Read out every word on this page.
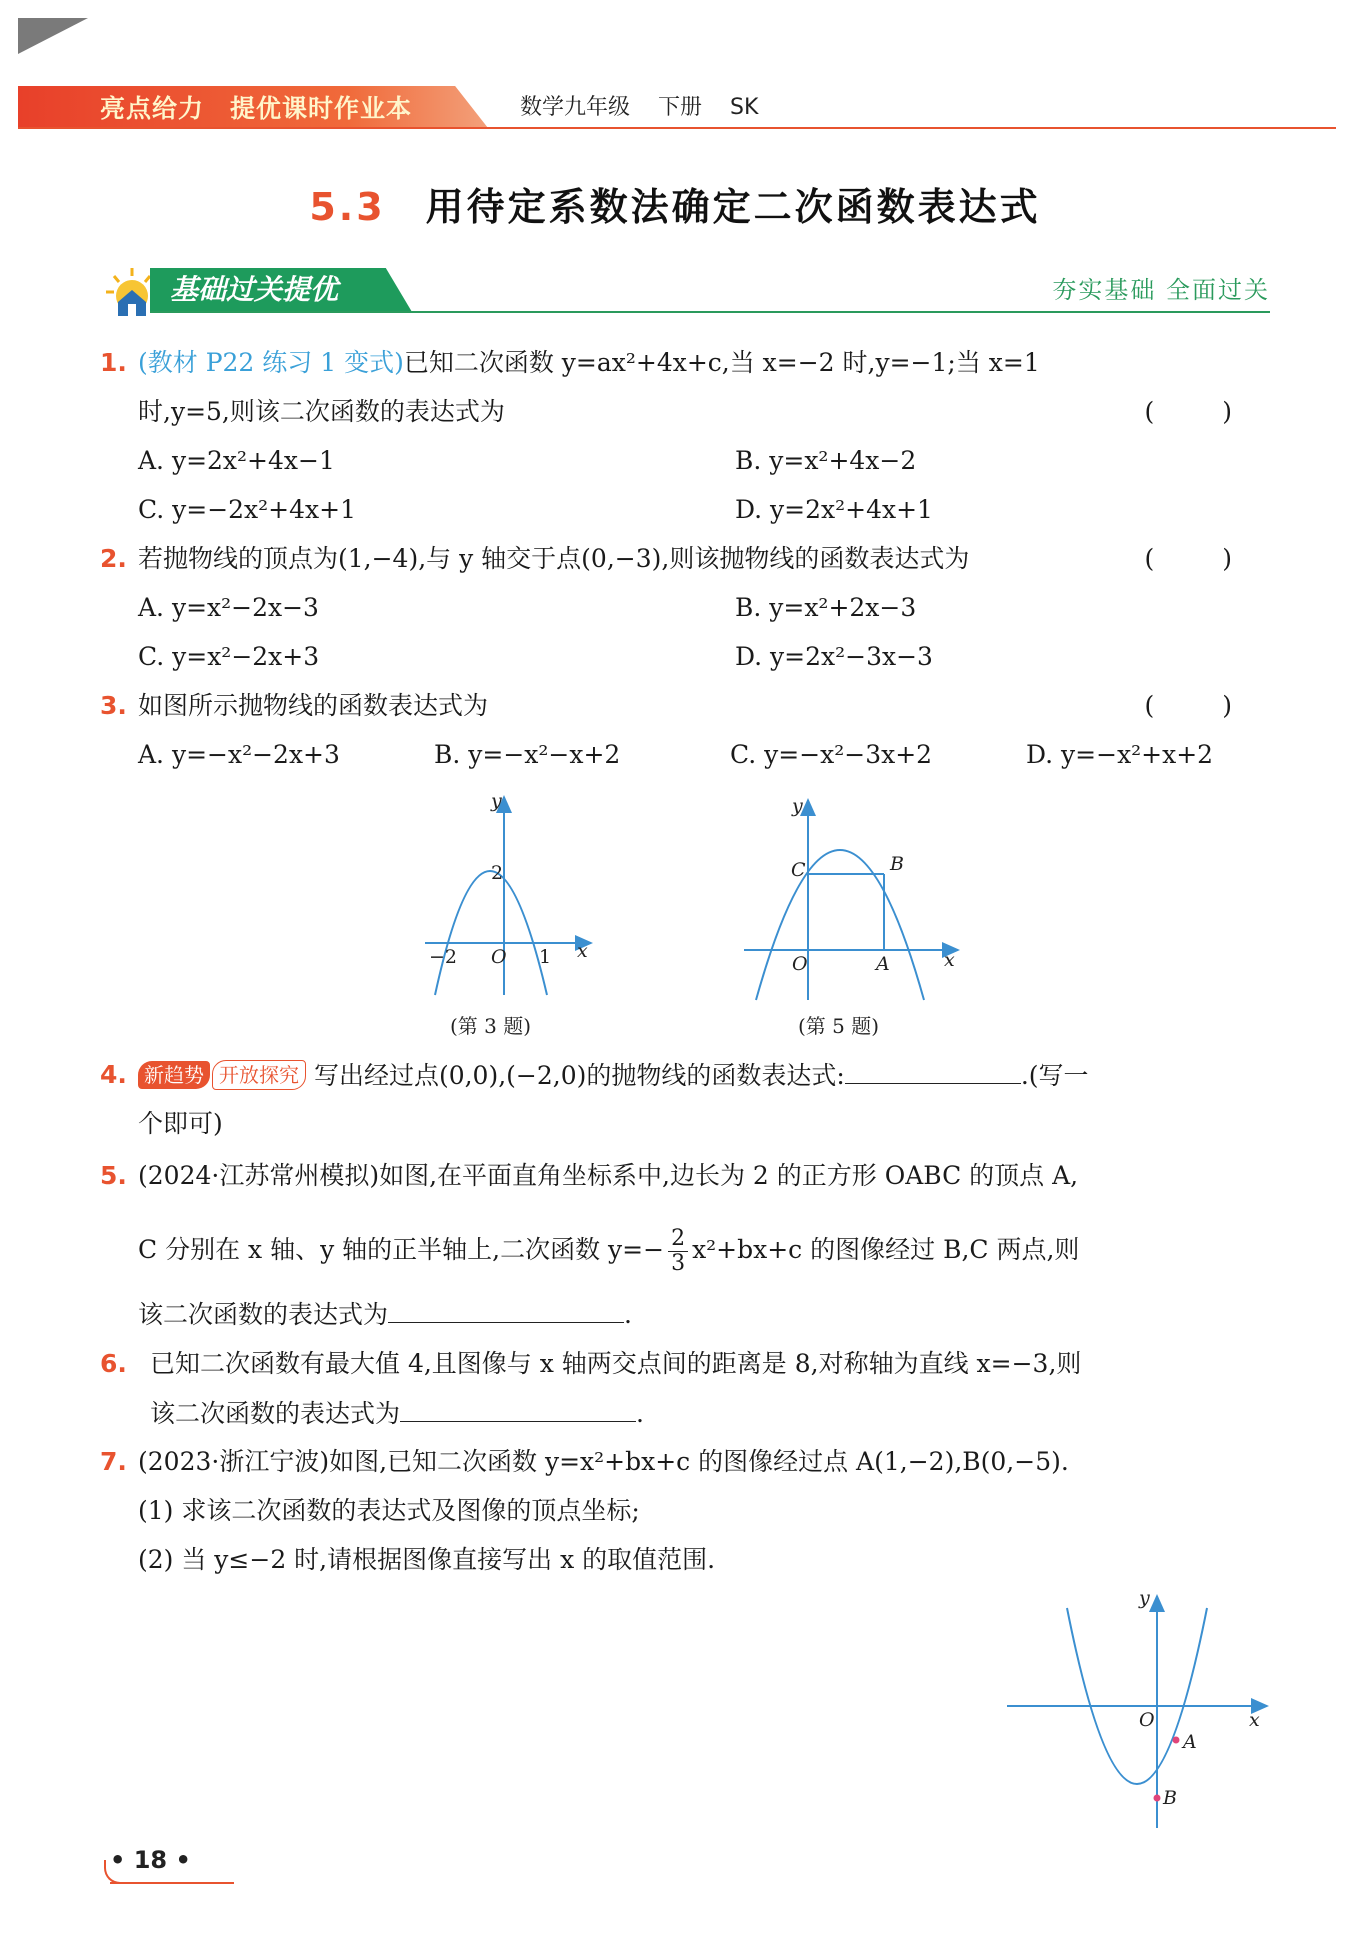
亮点给力 提优课时作业本	数学九年级 下册 SK
5.3 用待定系数法确定二次函数表达式
基础过关提优	夯实基础 全面过关
1. (教材 P22 练习 1 变式)已知二次函数 y=ax²+4x+c,当 x=−2 时,y=−1;当 x=1
时,y=5,则该二次函数的表达式为	( )
A. y=2x²+4x−1	B. y=x²+4x−2
C. y=−2x²+4x+1	D. y=2x²+4x+1
2. 若抛物线的顶点为(1,−4),与 y 轴交于点(0,−3),则该抛物线的函数表达式为	( )
A. y=x²−2x−3	B. y=x²+2x−3
C. y=x²−2x+3	D. y=2x²−3x−3
3. 如图所示抛物线的函数表达式为	( )
A. y=−x²−2x+3	B. y=−x²−x+2	C. y=−x²−3x+2	D. y=−x²+x+2
y
x
2
−2 O 1
(第 3 题)
y
x
C	B
O	A
(第 5 题)
4. 新趋势 开放探究 写出经过点(0,0),(−2,0)的抛物线的函数表达式:	.(写一
个即可)
5. (2024·江苏常州模拟)如图,在平面直角坐标系中,边长为 2 的正方形 OABC 的顶点 A,
C 分别在 x 轴、y 轴的正半轴上,二次函数 $y=- \frac{2}{3} x^2+bx+c$ 的图像经过 B,C 两点,则
该二次函数的表达式为	.
6. 已知二次函数有最大值 4,且图像与 x 轴两交点间的距离是 8,对称轴为直线 x=−3,则
该二次函数的表达式为	.
7. (2023·浙江宁波)如图,已知二次函数 y=x²+bx+c 的图像经过点 A(1,−2),B(0,−5).
(1) 求该二次函数的表达式及图像的顶点坐标;
(2) 当 y≤−2 时,请根据图像直接写出 x 的取值范围.
y
x
O
A
B
• 18 •
